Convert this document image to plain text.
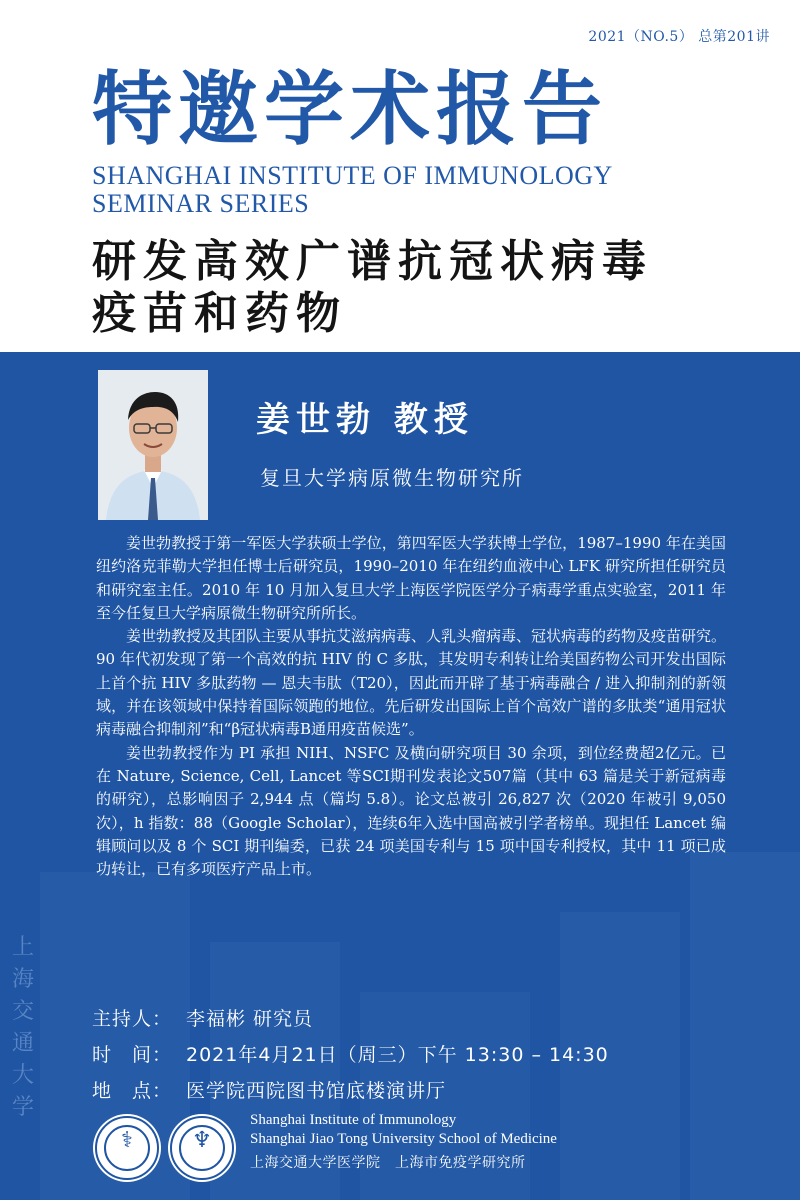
2021（NO.5） 总第201讲
特邀学术报告
SHANGHAI INSTITUTE OF IMMUNOLOGY
SEMINAR SERIES
研发高效广谱抗冠状病毒
疫苗和药物
上海交通大学
姜世勃 教授
复旦大学病原微生物研究所

姜世勃教授于第一军医大学获硕士学位，第四军医大学获博士学位，1987–1990 年在美国纽约洛克菲勒大学担任博士后研究员，1990–2010 年在纽约血液中心 LFK 研究所担任研究员和研究室主任。2010 年 10 月加入复旦大学上海医学院医学分子病毒学重点实验室，2011 年至今任复旦大学病原微生物研究所所长。

姜世勃教授及其团队主要从事抗艾滋病病毒、人乳头瘤病毒、冠状病毒的药物及疫苗研究。90 年代初发现了第一个高效的抗 HIV 的 C 多肽，其发明专利转让给美国药物公司开发出国际上首个抗 HIV 多肽药物 — 恩夫韦肽（T20），因此而开辟了基于病毒融合 / 进入抑制剂的新领域，并在该领域中保持着国际领跑的地位。先后研发出国际上首个高效广谱的多肽类“通用冠状病毒融合抑制剂”和“β冠状病毒B通用疫苗候选”。

姜世勃教授作为 PI 承担 NIH、NSFC 及横向研究项目 30 余项，到位经费超2亿元。已在 Nature, Science, Cell, Lancet 等SCI期刊发表论文507篇（其中 63 篇是关于新冠病毒的研究），总影响因子 2,944 点（篇均 5.8）。论文总被引 26,827 次（2020 年被引 9,050 次），h 指数：88（Google Scholar），连续6年入选中国高被引学者榜单。现担任 Lancet 编辑顾问以及 8 个 SCI 期刊编委，已获 24 项美国专利与 15 项中国专利授权，其中 11 项已成功转让，已有多项医疗产品上市。

主持人： 李福彬 研究员
时　间： 2021年4月21日（周三）下午 13:30 – 14:30
地　点： 医学院西院图书馆底楼演讲厅
⚕	♆
Shanghai Institute of Immunology
Shanghai Jiao Tong University School of Medicine
上海交通大学医学院　上海市免疫学研究所
